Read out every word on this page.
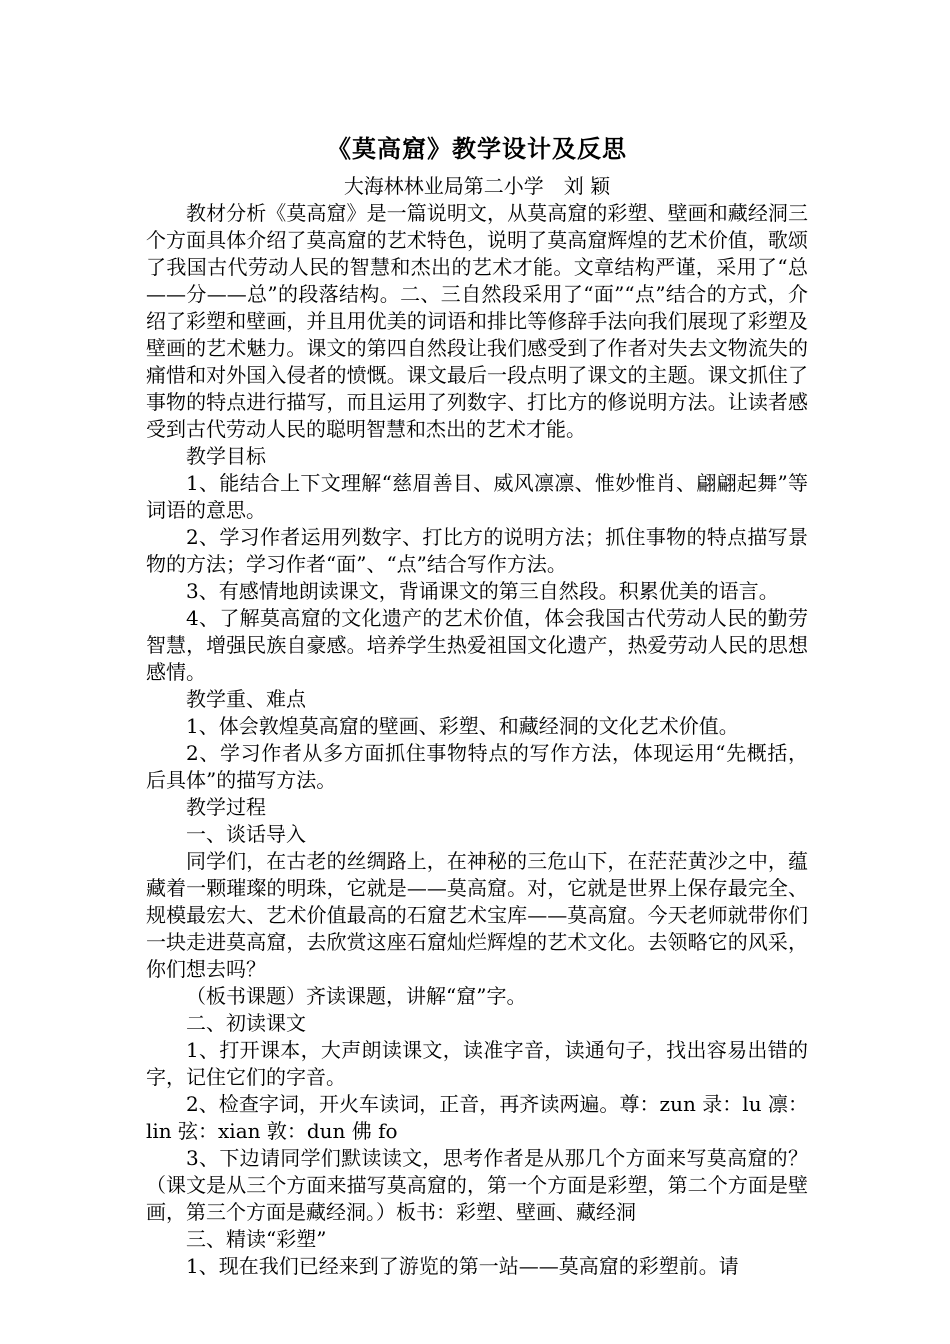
《莫高窟》教学设计及反思
大海林林业局第二小学　刘 颖

教材分析《莫高窟》是一篇说明文，从莫高窟的彩塑、壁画和藏经洞三个方面具体介绍了莫高窟的艺术特色，说明了莫高窟辉煌的艺术价值，歌颂了我国古代劳动人民的智慧和杰出的艺术才能。文章结构严谨，采用了“总——分——总”的段落结构。二、三自然段采用了“面”“点”结合的方式，介绍了彩塑和壁画，并且用优美的词语和排比等修辞手法向我们展现了彩塑及壁画的艺术魅力。课文的第四自然段让我们感受到了作者对失去文物流失的痛惜和对外国入侵者的愤慨。课文最后一段点明了课文的主题。课文抓住了事物的特点进行描写，而且运用了列数字、打比方的修说明方法。让读者感受到古代劳动人民的聪明智慧和杰出的艺术才能。

教学目标

1、能结合上下文理解“慈眉善目、威风凛凛、惟妙惟肖、翩翩起舞”等词语的意思。

2、学习作者运用列数字、打比方的说明方法；抓住事物的特点描写景物的方法；学习作者“面”、“点”结合写作方法。

3、有感情地朗读课文，背诵课文的第三自然段。积累优美的语言。

4、了解莫高窟的文化遗产的艺术价值，体会我国古代劳动人民的勤劳智慧，增强民族自豪感。培养学生热爱祖国文化遗产，热爱劳动人民的思想感情。

教学重、难点

1、体会敦煌莫高窟的壁画、彩塑、和藏经洞的文化艺术价值。

2、学习作者从多方面抓住事物特点的写作方法，体现运用“先概括，后具体”的描写方法。

教学过程

一、谈话导入

同学们，在古老的丝绸路上，在神秘的三危山下，在茫茫黄沙之中，蕴藏着一颗璀璨的明珠，它就是——莫高窟。对，它就是世界上保存最完全、规模最宏大、艺术价值最高的石窟艺术宝库——莫高窟。今天老师就带你们一块走进莫高窟，去欣赏这座石窟灿烂辉煌的艺术文化。去领略它的风采，你们想去吗？

（板书课题）齐读课题，讲解“窟”字。

二、初读课文

1、打开课本，大声朗读课文，读准字音，读通句子，找出容易出错的字，记住它们的字音。

2、检查字词，开火车读词，正音，再齐读两遍。尊：zun 录：lu 凛：lin 弦：xian 敦：dun 佛 fo

3、下边请同学们默读读文，思考作者是从那几个方面来写莫高窟的？（课文是从三个方面来描写莫高窟的，第一个方面是彩塑，第二个方面是壁画，第三个方面是藏经洞。）板书：彩塑、壁画、藏经洞

三、精读“彩塑”

1、现在我们已经来到了游览的第一站——莫高窟的彩塑前。请
